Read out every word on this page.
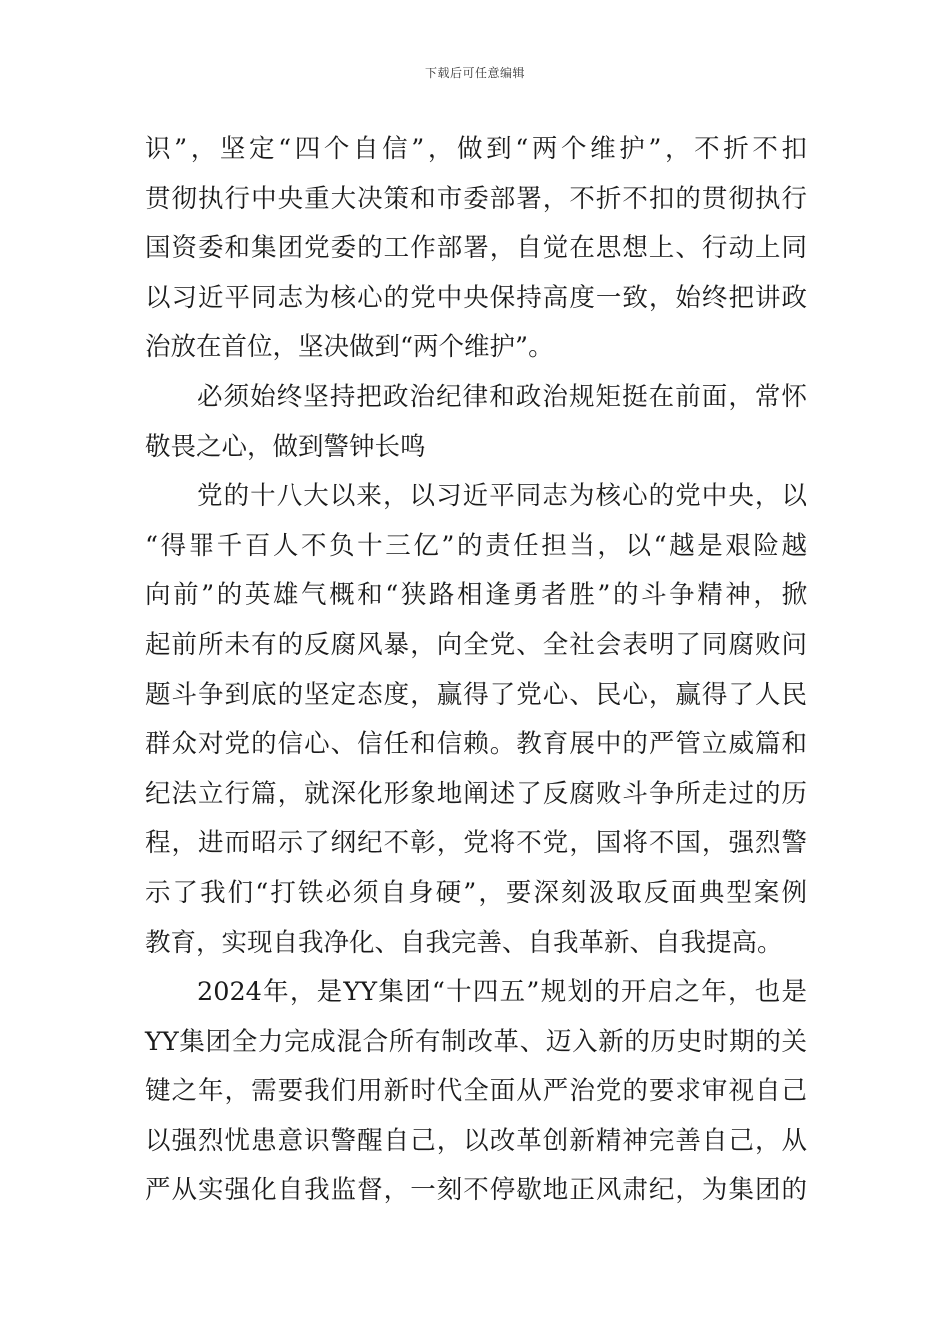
下载后可任意编辑
识”，坚定“四个自信”，做到“两个维护”，不折不扣
贯彻执行中央重大决策和市委部署，不折不扣的贯彻执行
国资委和集团党委的工作部署，自觉在思想上、行动上同
以习近平同志为核心的党中央保持高度一致，始终把讲政
治放在首位，坚决做到“两个维护”。
必须始终坚持把政治纪律和政治规矩挺在前面，常怀
敬畏之心，做到警钟长鸣
党的十八大以来，以习近平同志为核心的党中央，以
“得罪千百人不负十三亿”的责任担当，以“越是艰险越
向前”的英雄气概和“狭路相逢勇者胜”的斗争精神，掀
起前所未有的反腐风暴，向全党、全社会表明了同腐败问
题斗争到底的坚定态度，赢得了党心、民心，赢得了人民
群众对党的信心、信任和信赖。教育展中的严管立威篇和
纪法立行篇，就深化形象地阐述了反腐败斗争所走过的历
程，进而昭示了纲纪不彰，党将不党，国将不国，强烈警
示了我们“打铁必须自身硬”，要深刻汲取反面典型案例
教育，实现自我净化、自我完善、自我革新、自我提高。
2024年，是YY集团“十四五”规划的开启之年，也是
YY集团全力完成混合所有制改革、迈入新的历史时期的关
键之年，需要我们用新时代全面从严治党的要求审视自己
以强烈忧患意识警醒自己，以改革创新精神完善自己，从
严从实强化自我监督，一刻不停歇地正风肃纪，为集团的
